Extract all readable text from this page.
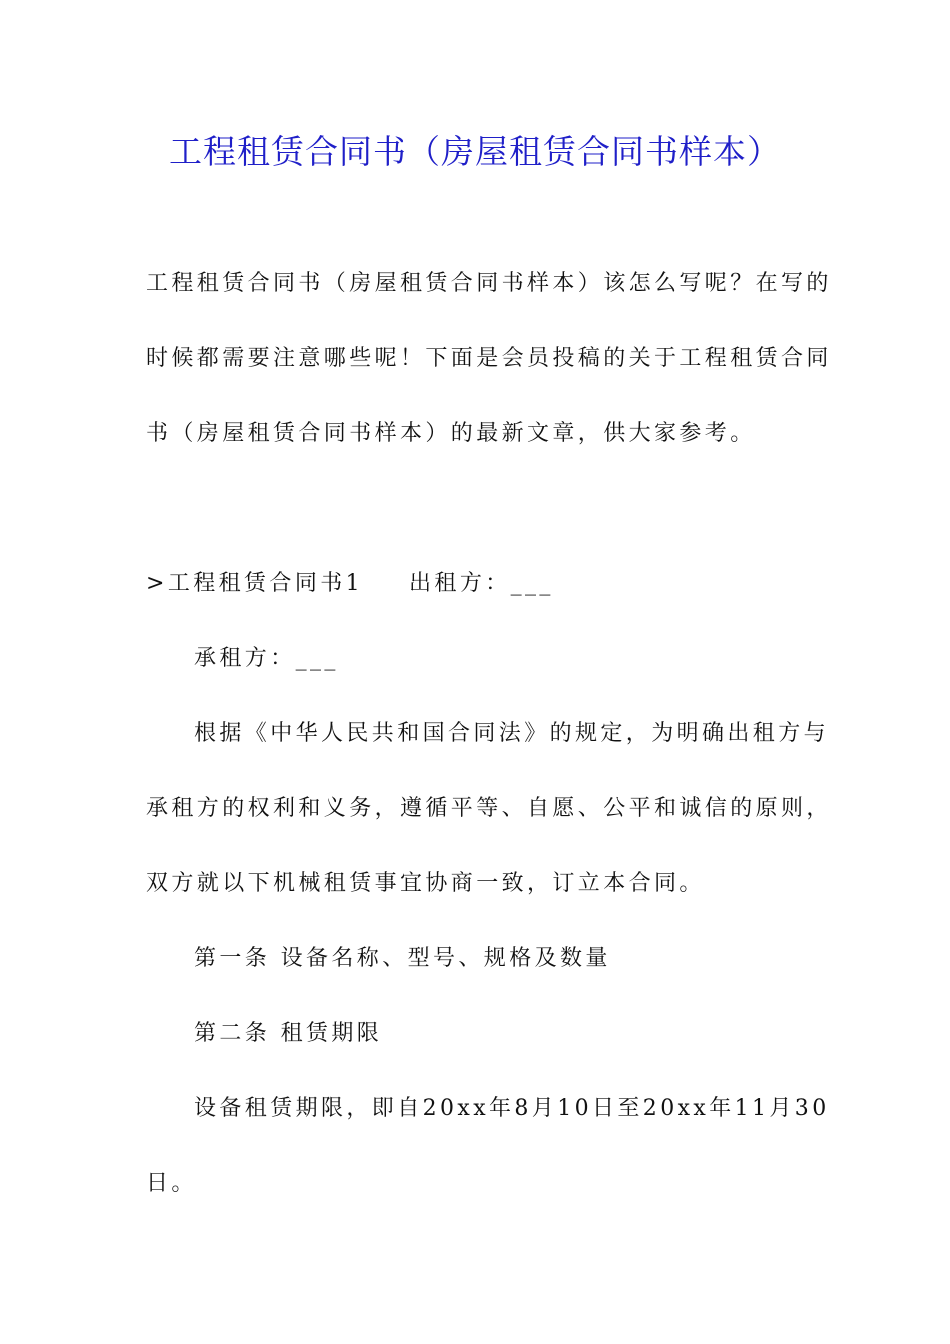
工程租赁合同书（房屋租赁合同书样本）
工程租赁合同书（房屋租赁合同书样本）该怎么写呢？在写的
时候都需要注意哪些呢！下面是会员投稿的关于工程租赁合同
书（房屋租赁合同书样本）的最新文章，供大家参考。
>工程租赁合同书1 出租方：___
承租方：___
根据《中华人民共和国合同法》的规定，为明确出租方与
承租方的权利和义务，遵循平等、自愿、公平和诚信的原则，
双方就以下机械租赁事宜协商一致，订立本合同。
第一条 设备名称、型号、规格及数量
第二条 租赁期限
设备租赁期限，即自20xx年8月10日至20xx年11月30
日。
